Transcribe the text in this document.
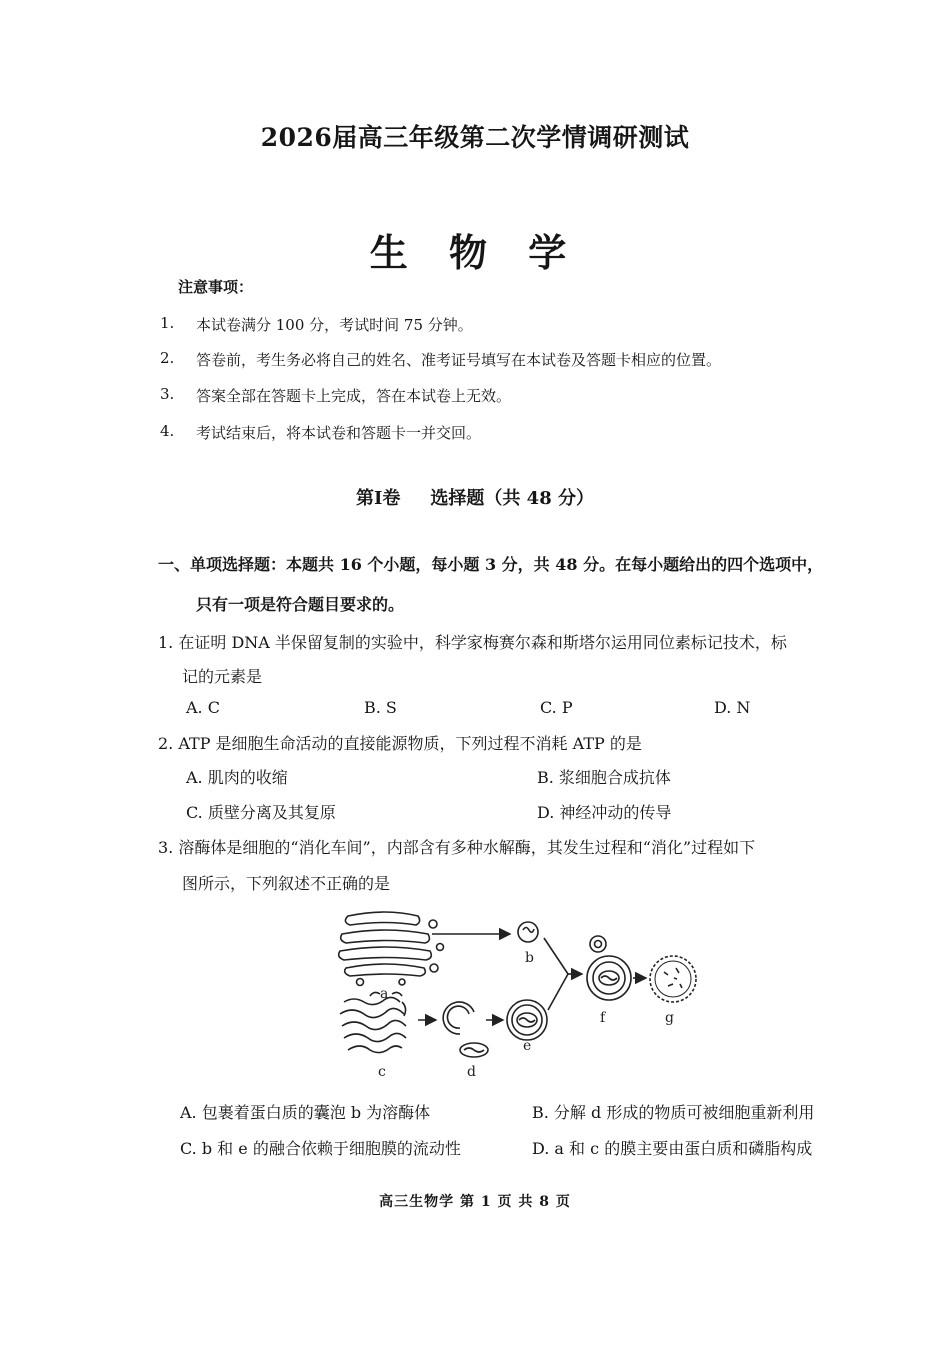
2026届高三年级第二次学情调研测试
生 物 学
注意事项：
1. 本试卷满分 100 分，考试时间 75 分钟。
2. 答卷前，考生务必将自己的姓名、准考证号填写在本试卷及答题卡相应的位置。
3. 答案全部在答题卡上完成，答在本试卷上无效。
4. 考试结束后，将本试卷和答题卡一并交回。
第Ⅰ卷 选择题（共 48 分）
一、单项选择题：本题共 16 个小题，每小题 3 分，共 48 分。在每小题给出的四个选项中，
只有一项是符合题目要求的。
1. 在证明 DNA 半保留复制的实验中，科学家梅赛尔森和斯塔尔运用同位素标记技术，标
记的元素是
A. C	B. S	C. P	D. N
2. ATP 是细胞生命活动的直接能源物质，下列过程不消耗 ATP 的是
A. 肌肉的收缩	B. 浆细胞合成抗体
C. 质壁分离及其复原	D. 神经冲动的传导
3. 溶酶体是细胞的“消化车间”，内部含有多种水解酶，其发生过程和“消化”过程如下
图所示，下列叙述不正确的是
a
b
c	d
e
f	g
A. 包裹着蛋白质的囊泡 b 为溶酶体	B. 分解 d 形成的物质可被细胞重新利用
C. b 和 e 的融合依赖于细胞膜的流动性	D. a 和 c 的膜主要由蛋白质和磷脂构成
高三生物学 第 1 页 共 8 页
